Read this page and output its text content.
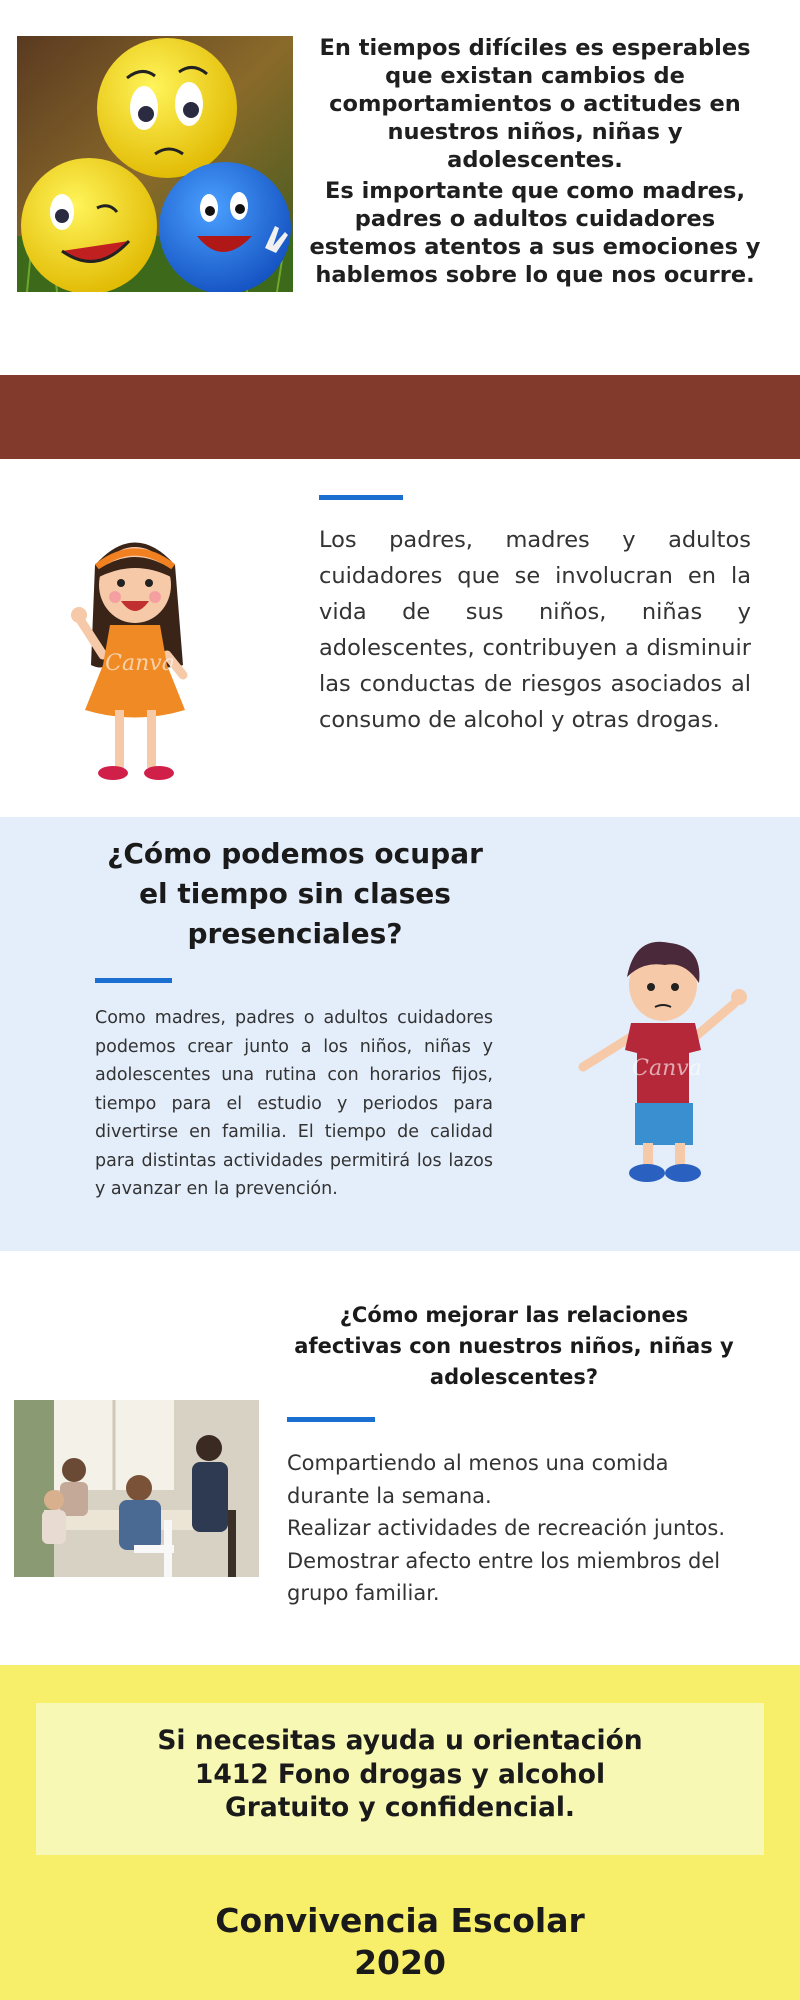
En tiempos difíciles es esperables que existan cambios de comportamientos o actitudes en nuestros niños, niñas y adolescentes.
Es importante que como madres, padres o adultos cuidadores estemos atentos a sus emociones y hablemos sobre lo que nos ocurre.
Los padres, madres y adultos cuidadores que se involucran en la vida de sus niños, niñas y adolescentes, contribuyen a disminuir las conductas de riesgos asociados al consumo de alcohol y otras drogas.
Canva
¿Cómo podemos ocupar el tiempo sin clases presenciales?
Como madres, padres o adultos cuidadores podemos crear junto a los niños, niñas y adolescentes una rutina con horarios fijos, tiempo para el estudio y periodos para divertirse en familia. El tiempo de calidad para distintas actividades permitirá los lazos y avanzar en la prevención.
Canva
¿Cómo mejorar las relaciones afectivas con nuestros niños, niñas y adolescentes?
Compartiendo al menos una comida durante la semana.
Realizar actividades de recreación juntos.
Demostrar afecto entre los miembros del grupo familiar.
Si necesitas ayuda u orientación
1412 Fono drogas y alcohol
Gratuito y confidencial.
Convivencia Escolar
2020
